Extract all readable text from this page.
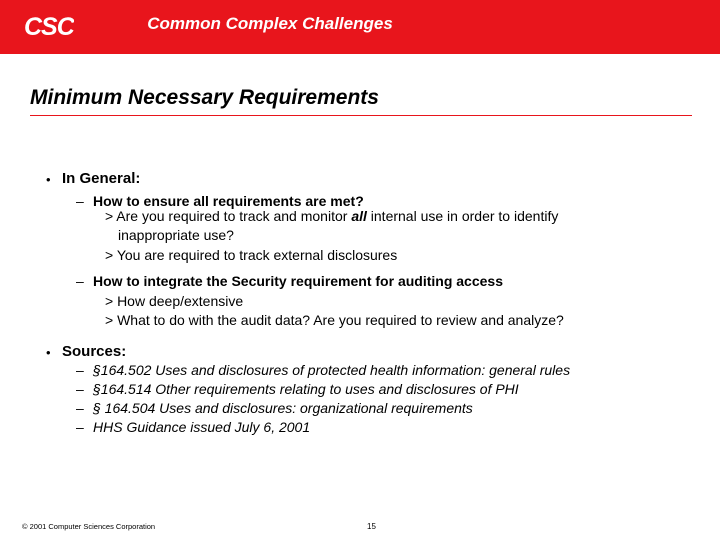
CSC	Common Complex Challenges
Minimum Necessary Requirements
• In General:
– How to ensure all requirements are met?
> Are you required to track and monitor all internal use in order to identify
inappropriate use?
> You are required to track external disclosures
– How to integrate the Security requirement for auditing access
> How deep/extensive
> What to do with the audit data? Are you required to review and analyze?
• Sources:
– §164.502 Uses and disclosures of protected health information: general rules
– §164.514 Other requirements relating to uses and disclosures of PHI
– § 164.504 Uses and disclosures: organizational requirements
– HHS Guidance issued July 6, 2001
© 2001 Computer Sciences Corporation	15
